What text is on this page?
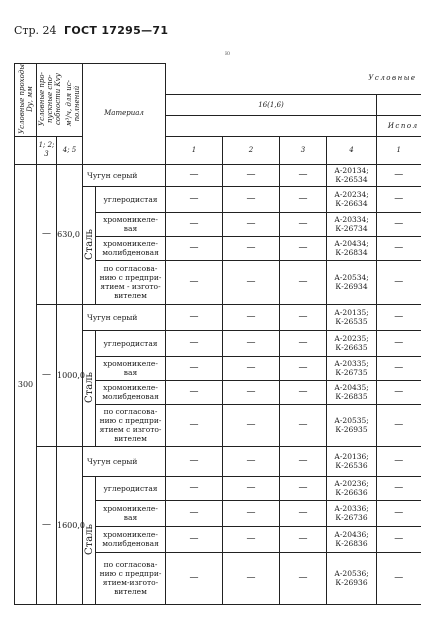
Стр. 24 ГОСТ 17295—71
ю
Условные проходы
Dу, мм	Условные про-
пускные спо-
собности Kvу м³/ч, для ис-
полнений		Материал		Условные				
					16(1,6)				
									Испол
	1; 2; 3	4; 5			1	2	3	4	1
300	—	630,0	Чугун серый		—	—	—	А-20134;
К-26534	—
			Сталь	углеродистая	—	—	—	А-20234;
К-26634	—
				хромоникеле-
вая	—	—	—	А-20334;
К-26734	—
				хромоникеле-
молибденовая	—	—	—	А-20434;
К-26834	—
				по согласова-
нию с предпри-
ятием - изгото-
вителем	—	—	—	А-20534;
К-26934	—
	—	1000,0	Чугун серый		—	—	—	А-20135;
К-26535	—
			Сталь	углеродистая	—	—	—	А-20235;
К-26635	—
				хромоникеле-
вая	—	—	—	А-20335;
К-26735	—
				хромоникеле-
молибденовая	—	—	—	А-20435;
К-26835	—
				по согласова-
нию с предпри-
ятием с изгото-
вителем	—	—	—	А-20535;
К-26935	—
	—	1600,0	Чугун серый		—	—	—	А-20136;
К-26536	—
			Сталь	углеродистая	—	—	—	А-20236;
К-26636	—
				хромоникеле-
вая	—	—	—	А-20336;
К-26736	—
				хромоникеле-
молибденовая	—	—	—	А-20436;
К-26836	—
				по согласова-
нию с предпри-
ятием-изгото-
вителем	—	—	—	А-20536;
К-26936	—
